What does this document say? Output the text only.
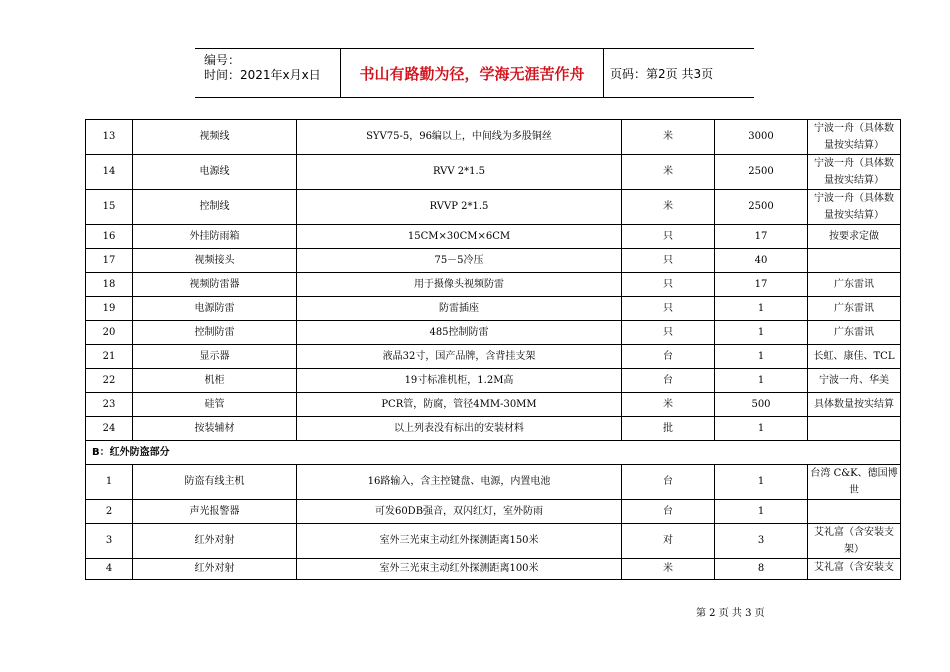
编号：
时间：2021年x月x日	书山有路勤为径，学海无涯苦作舟 页码：第2页 共3页
13	视频线	SYV75-5，96编以上，中间线为多股铜丝	米	3000	宁波一舟（具体数量按实结算）
14	电源线	RVV 2*1.5	米	2500	宁波一舟（具体数量按实结算）
15	控制线	RVVP 2*1.5	米	2500	宁波一舟（具体数量按实结算）
16	外挂防雨箱	15CM×30CM×6CM	只	17	按要求定做
17	视频接头	75－5冷压	只	40	
18	视频防雷器	用于摄像头视频防雷	只	17	广东雷讯
19	电源防雷	防雷插座	只	1	广东雷讯
20	控制防雷	485控制防雷	只	1	广东雷讯
21	显示器	液晶32寸，国产品牌，含背挂支架	台	1	长虹、康佳、TCL
22	机柜	19寸标准机柜，1.2M高	台	1	宁波一舟、华美
23	硅管	PCR管，防腐，管径4MM-30MM	米	500	具体数量按实结算
24	按装辅材	以上列表没有标出的安装材料	批	1	
B：红外防盗部分					
1	防盗有线主机	16路输入，含主控键盘、电源，内置电池	台	1	台湾 C&K、德国博世
2	声光报警器	可发60DB强音，双闪红灯，室外防雨	台	1	
3	红外对射	室外三光束主动红外探测距离150米	对	3	艾礼富（含安装支架）
4	红外对射	室外三光束主动红外探测距离100米	米	8	艾礼富（含安装支
第 2 页 共 3 页
